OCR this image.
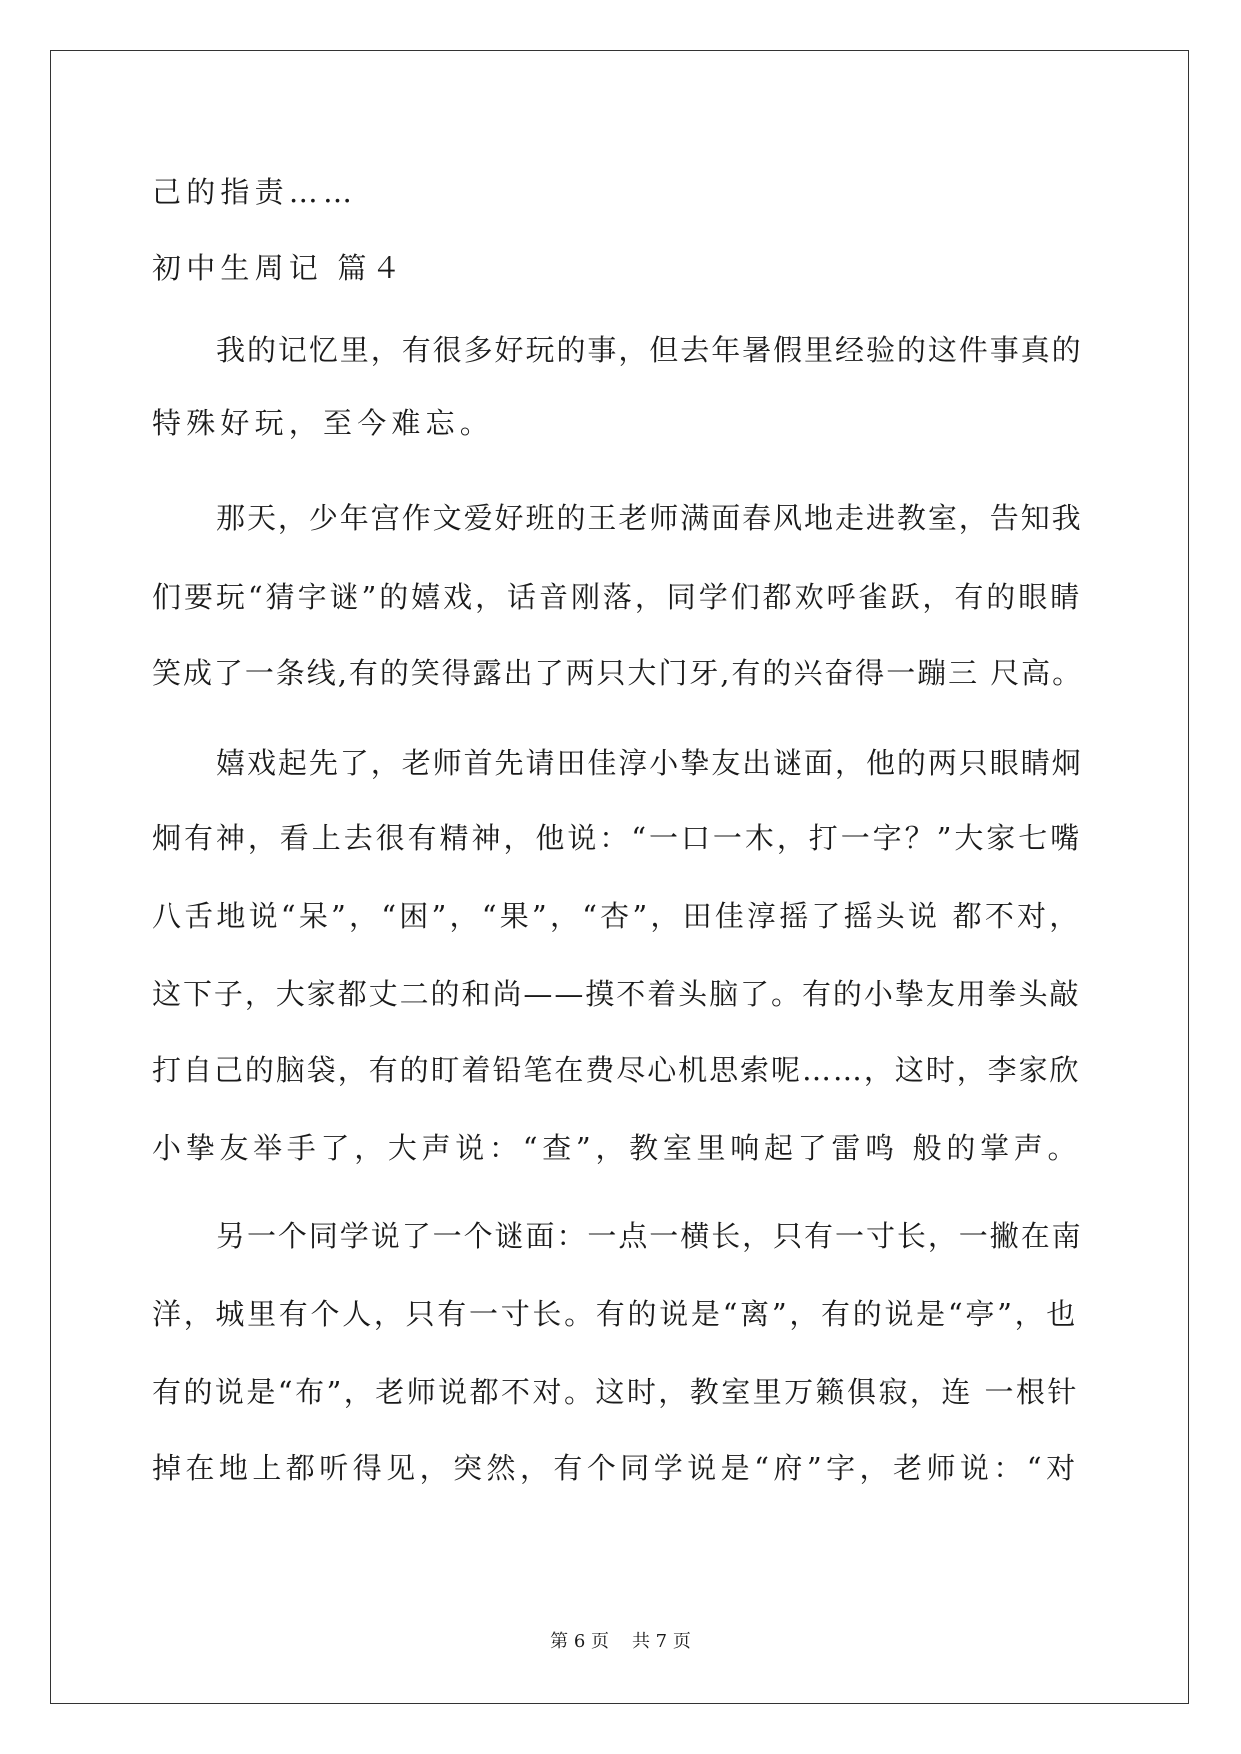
己的指责……
初中生周记 篇４
我的记忆里，有很多好玩的事，但去年暑假里经验的这件事真的
特殊好玩，至今难忘。
那天，少年宫作文爱好班的王老师满面春风地走进教室，告知我
们要玩“猜字谜”的嬉戏，话音刚落，同学们都欢呼雀跃，有的眼睛
笑成了一条线,有的笑得露出了两只大门牙,有的兴奋得一蹦三 尺高。
嬉戏起先了，老师首先请田佳淳小挚友出谜面，他的两只眼睛炯
炯有神，看上去很有精神，他说：“一口一木，打一字？”大家七嘴
八舌地说“呆”，“困”，“果”，“杏”，田佳淳摇了摇头说 都不对，
这下子，大家都丈二的和尚——摸不着头脑了。有的小挚友用拳头敲
打自己的脑袋，有的盯着铅笔在费尽心机思索呢……，这时，李家欣
小挚友举手了，大声说：“查”，教室里响起了雷鸣 般的掌声。
另一个同学说了一个谜面：一点一横长，只有一寸长，一撇在南
洋，城里有个人，只有一寸长。有的说是“离”，有的说是“亭”，也
有的说是“布”，老师说都不对。这时，教室里万籁俱寂，连 一根针
掉在地上都听得见，突然，有个同学说是“府”字，老师说：“对
第 6 页    共 7 页
